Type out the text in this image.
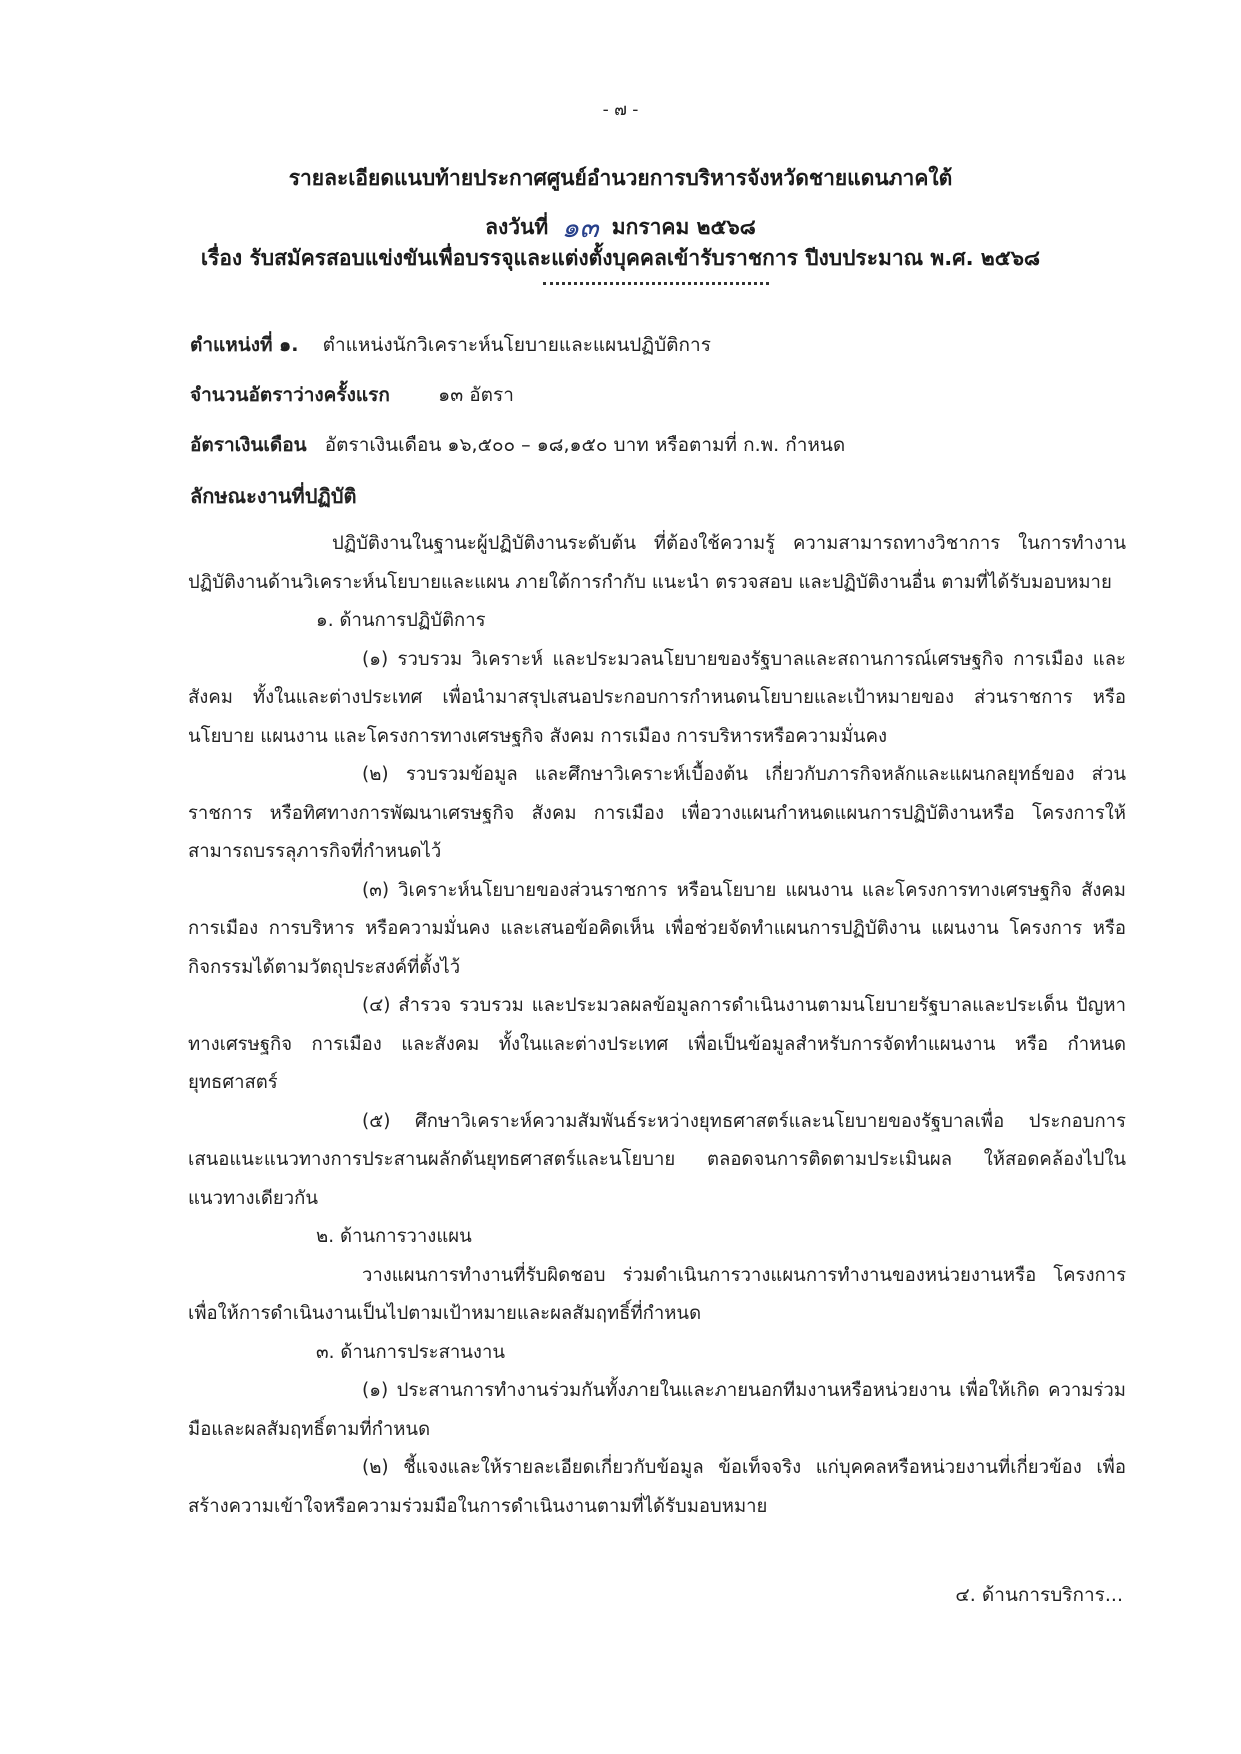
- ๗ -
รายละเอียดแนบท้ายประกาศศูนย์อำนวยการบริหารจังหวัดชายแดนภาคใต้
ลงวันที่ ๑๓ มกราคม ๒๕๖๘
เรื่อง รับสมัครสอบแข่งขันเพื่อบรรจุและแต่งตั้งบุคคลเข้ารับราชการ ปีงบประมาณ พ.ศ. ๒๕๖๘
ตำแหน่งที่ ๑. ตำแหน่งนักวิเคราะห์นโยบายและแผนปฏิบัติการ
จำนวนอัตราว่างครั้งแรก	๑๓ อัตรา
อัตราเงินเดือน อัตราเงินเดือน ๑๖,๕๐๐ – ๑๘,๑๕๐ บาท หรือตามที่ ก.พ. กำหนด
ลักษณะงานที่ปฏิบัติ

ปฏิบัติงานในฐานะผู้ปฏิบัติงานระดับต้น ที่ต้องใช้ความรู้ ความสามารถทางวิชาการ ในการทำงาน ปฏิบัติงานด้านวิเคราะห์นโยบายและแผน ภายใต้การกำกับ แนะนำ ตรวจสอบ และปฏิบัติงานอื่น ตามที่ได้รับมอบหมาย

๑. ด้านการปฏิบัติการ

(๑) รวบรวม วิเคราะห์ และประมวลนโยบายของรัฐบาลและสถานการณ์เศรษฐกิจ การเมือง และสังคม ทั้งในและต่างประเทศ เพื่อนำมาสรุปเสนอประกอบการกำหนดนโยบายและเป้าหมายของ ส่วนราชการ หรือนโยบาย แผนงาน และโครงการทางเศรษฐกิจ สังคม การเมือง การบริหารหรือความมั่นคง

(๒) รวบรวมข้อมูล และศึกษาวิเคราะห์เบื้องต้น เกี่ยวกับภารกิจหลักและแผนกลยุทธ์ของ ส่วนราชการ หรือทิศทางการพัฒนาเศรษฐกิจ สังคม การเมือง เพื่อวางแผนกำหนดแผนการปฏิบัติงานหรือ โครงการให้สามารถบรรลุภารกิจที่กำหนดไว้

(๓) วิเคราะห์นโยบายของส่วนราชการ หรือนโยบาย แผนงาน และโครงการทางเศรษฐกิจ สังคม การเมือง การบริหาร หรือความมั่นคง และเสนอข้อคิดเห็น เพื่อช่วยจัดทำแผนการปฏิบัติงาน แผนงาน โครงการ หรือ กิจกรรมได้ตามวัตถุประสงค์ที่ตั้งไว้

(๔) สำรวจ รวบรวม และประมวลผลข้อมูลการดำเนินงานตามนโยบายรัฐบาลและประเด็น ปัญหาทางเศรษฐกิจ การเมือง และสังคม ทั้งในและต่างประเทศ เพื่อเป็นข้อมูลสำหรับการจัดทำแผนงาน หรือ กำหนดยุทธศาสตร์

(๕) ศึกษาวิเคราะห์ความสัมพันธ์ระหว่างยุทธศาสตร์และนโยบายของรัฐบาลเพื่อ ประกอบการเสนอแนะแนวทางการประสานผลักดันยุทธศาสตร์และนโยบาย ตลอดจนการติดตามประเมินผล ให้สอดคล้องไปในแนวทางเดียวกัน

๒. ด้านการวางแผน

วางแผนการทำงานที่รับผิดชอบ ร่วมดำเนินการวางแผนการทำงานของหน่วยงานหรือ โครงการ เพื่อให้การดำเนินงานเป็นไปตามเป้าหมายและผลสัมฤทธิ์ที่กำหนด

๓. ด้านการประสานงาน

(๑) ประสานการทำงานร่วมกันทั้งภายในและภายนอกทีมงานหรือหน่วยงาน เพื่อให้เกิด ความร่วมมือและผลสัมฤทธิ์ตามที่กำหนด

(๒) ชี้แจงและให้รายละเอียดเกี่ยวกับข้อมูล ข้อเท็จจริง แก่บุคคลหรือหน่วยงานที่เกี่ยวข้อง เพื่อสร้างความเข้าใจหรือความร่วมมือในการดำเนินงานตามที่ได้รับมอบหมาย

๔. ด้านการบริการ...
